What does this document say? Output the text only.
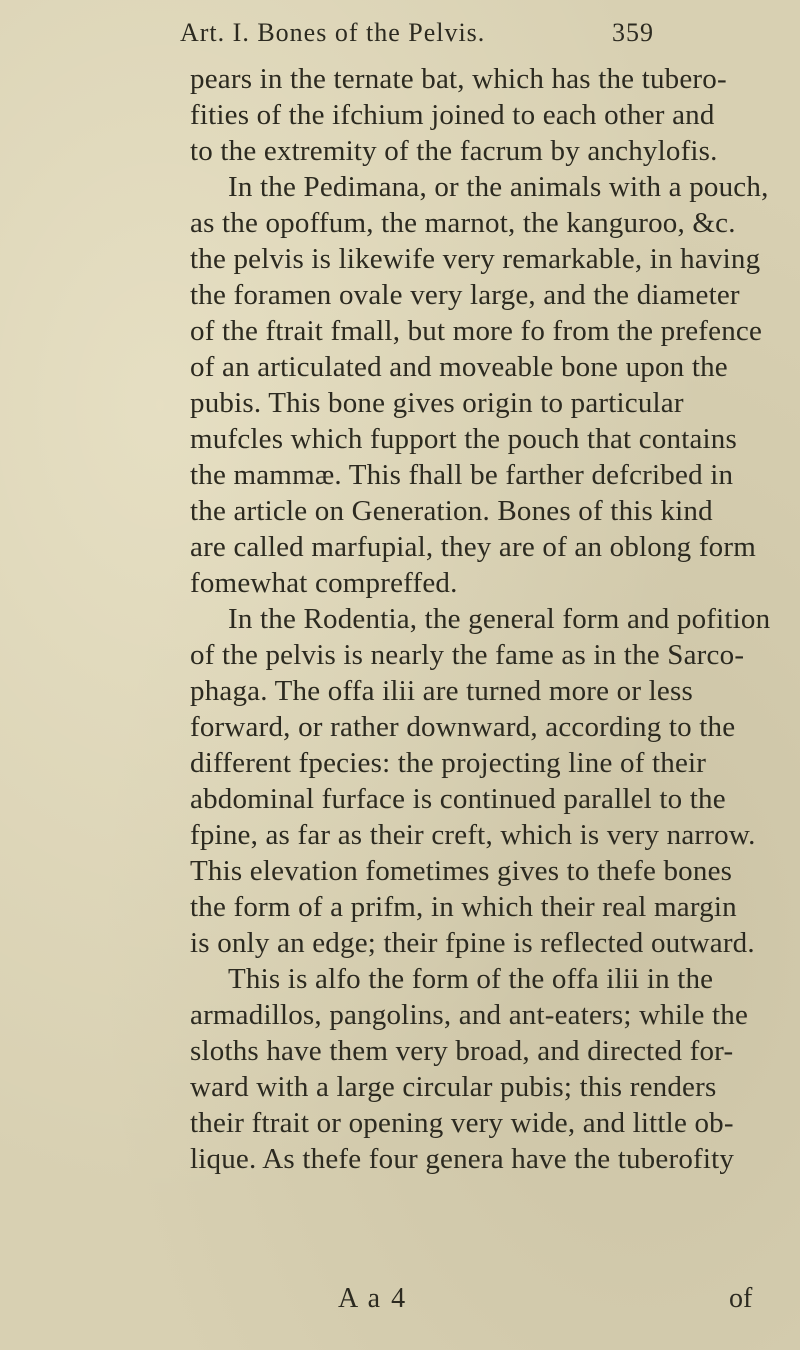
Art. I. Bones of the Pelvis.	359
pears in the ternate bat, which has the tubero-
fities of the ifchium joined to each other and
to the extremity of the facrum by anchylofis.
In the Pedimana, or the animals with a pouch,
as the opoffum, the marnot, the kanguroo, &c.
the pelvis is likewife very remarkable, in having
the foramen ovale very large, and the diameter
of the ftrait fmall, but more fo from the prefence
of an articulated and moveable bone upon the
pubis. This bone gives origin to particular
mufcles which fupport the pouch that contains
the mammæ. This fhall be farther defcribed in
the article on Generation. Bones of this kind
are called marfupial, they are of an oblong form
fomewhat compreffed.
In the Rodentia, the general form and pofition
of the pelvis is nearly the fame as in the Sarco-
phaga. The offa ilii are turned more or less
forward, or rather downward, according to the
different fpecies: the projecting line of their
abdominal furface is continued parallel to the
fpine, as far as their creft, which is very narrow.
This elevation fometimes gives to thefe bones
the form of a prifm, in which their real margin
is only an edge; their fpine is reflected outward.
This is alfo the form of the offa ilii in the
armadillos, pangolins, and ant-eaters; while the
sloths have them very broad, and directed for-
ward with a large circular pubis; this renders
their ftrait or opening very wide, and little ob-
lique. As thefe four genera have the tuberofity
A a 4	of
